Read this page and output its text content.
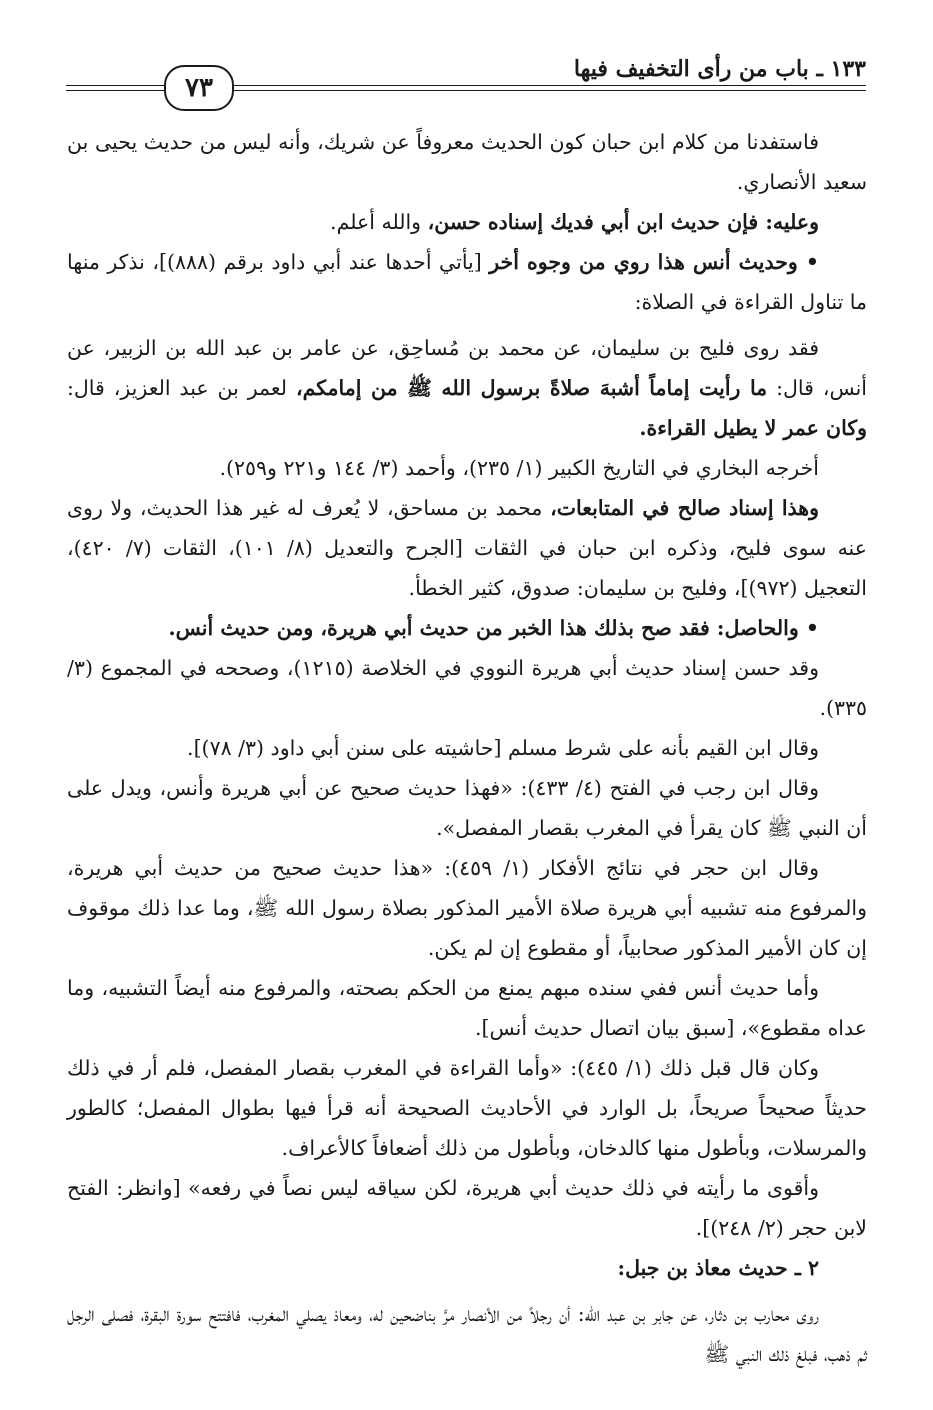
٧٣
١٣٣ ـ باب من رأى التخفيف فيها

فاستفدنا من كلام ابن حبان كون الحديث معروفاً عن شريك، وأنه ليس من حديث يحيى بن سعيد الأنصاري.

وعليه: فإن حديث ابن أبي فديك إسناده حسن، والله أعلم.

• وحديث أنس هذا روي من وجوه أخر [يأتي أحدها عند أبي داود برقم (٨٨٨)]، نذكر منها ما تناول القراءة في الصلاة:

فقد روى فليح بن سليمان، عن محمد بن مُساحِق، عن عامر بن عبد الله بن الزبير، عن أنس، قال: ما رأيت إماماً أشبهَ صلاةً برسول الله ﷺ من إمامكم، لعمر بن عبد العزيز، قال: وكان عمر لا يطيل القراءة.

أخرجه البخاري في التاريخ الكبير (١/ ٢٣٥)، وأحمد (٣/ ١٤٤ و٢٢١ و٢٥٩).

وهذا إسناد صالح في المتابعات، محمد بن مساحق، لا يُعرف له غير هذا الحديث، ولا روى عنه سوى فليح، وذكره ابن حبان في الثقات [الجرح والتعديل (٨/ ١٠١)، الثقات (٧/ ٤٢٠)، التعجيل (٩٧٢)]، وفليح بن سليمان: صدوق، كثير الخطأ.

• والحاصل: فقد صح بذلك هذا الخبر من حديث أبي هريرة، ومن حديث أنس.

وقد حسن إسناد حديث أبي هريرة النووي في الخلاصة (١٢١٥)، وصححه في المجموع (٣/ ٣٣٥).

وقال ابن القيم بأنه على شرط مسلم [حاشيته على سنن أبي داود (٣/ ٧٨)].

وقال ابن رجب في الفتح (٤/ ٤٣٣): «فهذا حديث صحيح عن أبي هريرة وأنس، ويدل على أن النبي ﷺ كان يقرأ في المغرب بقصار المفصل».

وقال ابن حجر في نتائج الأفكار (١/ ٤٥٩): «هذا حديث صحيح من حديث أبي هريرة، والمرفوع منه تشبيه أبي هريرة صلاة الأمير المذكور بصلاة رسول الله ﷺ، وما عدا ذلك موقوف إن كان الأمير المذكور صحابياً، أو مقطوع إن لم يكن.

وأما حديث أنس ففي سنده مبهم يمنع من الحكم بصحته، والمرفوع منه أيضاً التشبيه، وما عداه مقطوع»، [سبق بيان اتصال حديث أنس].

وكان قال قبل ذلك (١/ ٤٤٥): «وأما القراءة في المغرب بقصار المفصل، فلم أر في ذلك حديثاً صحيحاً صريحاً، بل الوارد في الأحاديث الصحيحة أنه قرأ فيها بطوال المفصل؛ كالطور والمرسلات، وبأطول منها كالدخان، وبأطول من ذلك أضعافاً كالأعراف.

وأقوى ما رأيته في ذلك حديث أبي هريرة، لكن سياقه ليس نصاً في رفعه» [وانظر: الفتح لابن حجر (٢/ ٢٤٨)].

٢ ـ حديث معاذ بن جبل:

روى محارب بن دثار، عن جابر بن عبد الله: أن رجلاً من الأنصار مرَّ بناضحين له، ومعاذ يصلي المغرب، فافتتح سورة البقرة، فصلى الرجل ثم ذهب، فبلغ ذلك النبي ﷺ
